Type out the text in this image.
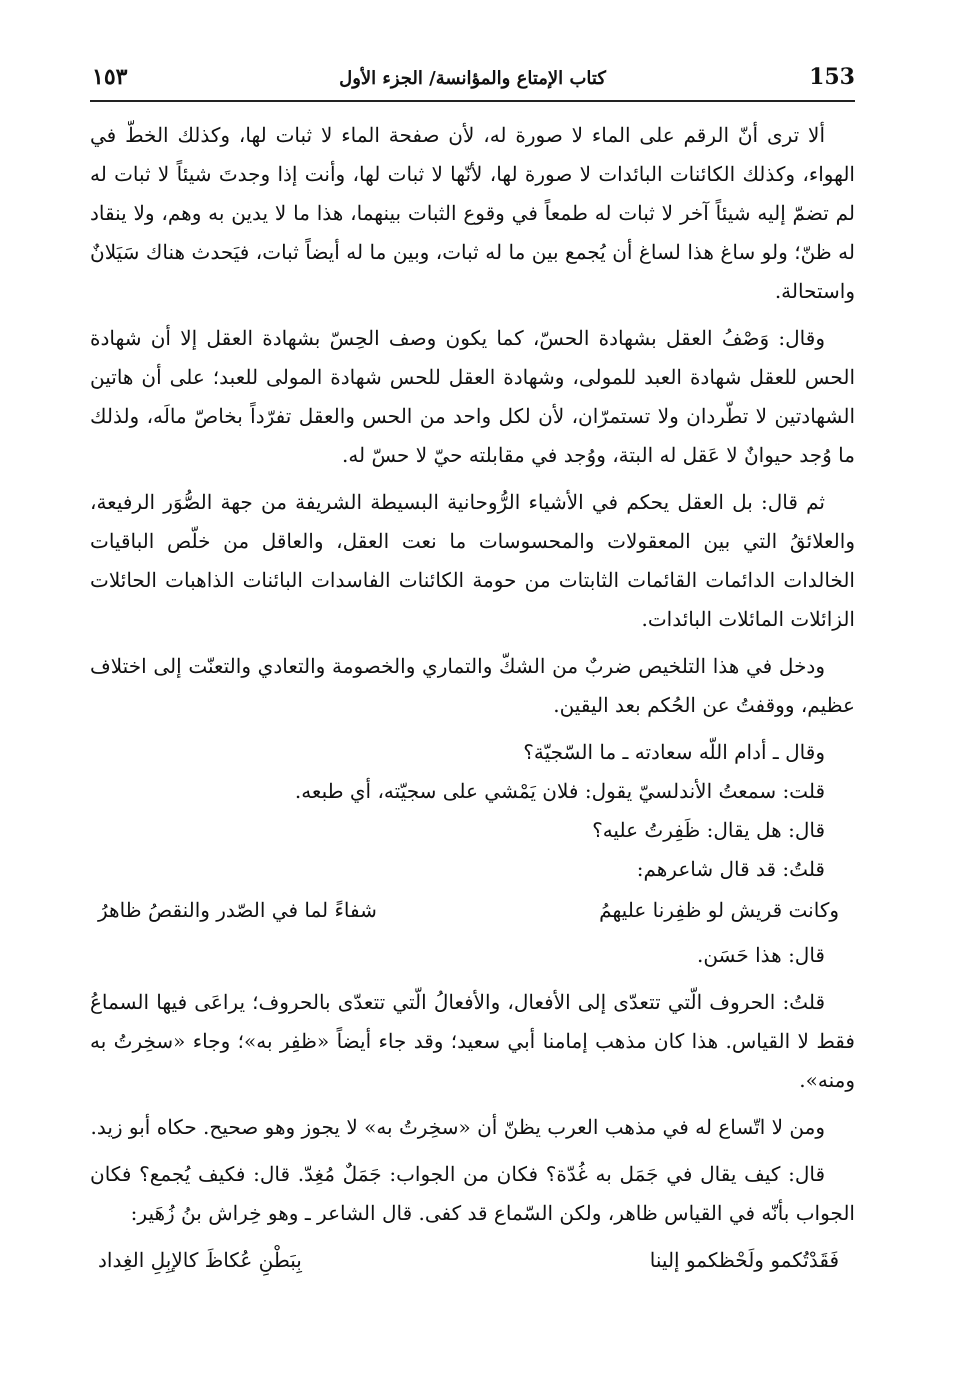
153
كتاب الإمتاع والمؤانسة/ الجزء الأول
١٥٣

ألا ترى أنّ الرقم على الماء لا صورة له، لأن صفحة الماء لا ثبات لها، وكذلك الخطّ في الهواء، وكذلك الكائنات البائدات لا صورة لها، لأنّها لا ثبات لها، وأنت إذا وجدتَ شيئاً لا ثبات له لم تضمّ إليه شيئاً آخر لا ثبات له طمعاً في وقوع الثبات بينهما، هذا ما لا يدين به وهم، ولا ينقاد له ظنّ؛ ولو ساغ هذا لساغ أن يُجمع بين ما له ثبات، وبين ما له أيضاً ثبات، فيَحدث هناك سَيَلانٌ واستحالة.

وقال: وَصْفُ العقل بشهادة الحسّ، كما يكون وصف الحِسّ بشهادة العقل إلا أن شهادة الحس للعقل شهادة العبد للمولى، وشهادة العقل للحس شهادة المولى للعبد؛ على أن هاتين الشهادتين لا تطّردان ولا تستمرّان، لأن لكل واحد من الحس والعقل تفرّداً بخاصّ مالَه، ولذلك ما وُجد حيوانٌ لا عَقل له البتة، ووُجد في مقابلته حيّ لا حسّ له.

ثم قال: بل العقل يحكم في الأشياء الرُّوحانية البسيطة الشريفة من جهة الصُّوَر الرفيعة، والعلائقُ التي بين المعقولات والمحسوسات ما نعت العقل، والعاقل من خلّص الباقيات الخالدات الدائمات القائمات الثابتات من حومة الكائنات الفاسدات البائنات الذاهبات الحائلات الزائلات المائلات البائدات.

ودخل في هذا التلخيص ضربٌ من الشكّ والتماري والخصومة والتعادي والتعنّت إلى اختلاف عظيم، ووقفتُ عن الحُكم بعد اليقين.

وقال ـ أدام اللّه سعادته ـ ما السّجيّة؟

قلت: سمعتُ الأندلسيّ يقول: فلان يَمْشي على سجيّته، أي طبعه.

قال: هل يقال: ظَفِرتُ عليه؟

قلتُ: قد قال شاعرهم:

وكانت قريش لو ظفِرنا عليهمُ
شفاءً لما في الصّدر والنقصُ ظاهرُ

قال: هذا حَسَن.

قلتُ: الحروف الّتي تتعدّى إلى الأفعال، والأفعالُ الّتي تتعدّى بالحروف؛ يراعَى فيها السماعُ فقط لا القياس. هذا كان مذهب إمامنا أبي سعيد؛ وقد جاء أيضاً «ظفِر به»؛ وجاء «سخِرتُ به ومنه».

ومن لا اتّساع له في مذهب العرب يظنّ أن «سخِرتُ به» لا يجوز وهو صحيح. حكاه أبو زيد.

قال: كيف يقال في جَمَل به غُدّة؟ فكان من الجواب: جَمَلٌ مُغِدّ. قال: فكيف يُجمع؟ فكان الجواب بأنّه في القياس ظاهر، ولكن السّماع قد كفى. قال الشاعر ـ وهو خِراش بنُ زُهَير:

فَقَدْتُكمو ولَحْظكمو إلينا
بِبَطْنِ عُكاظَ كالإبِلِ الغِداد
